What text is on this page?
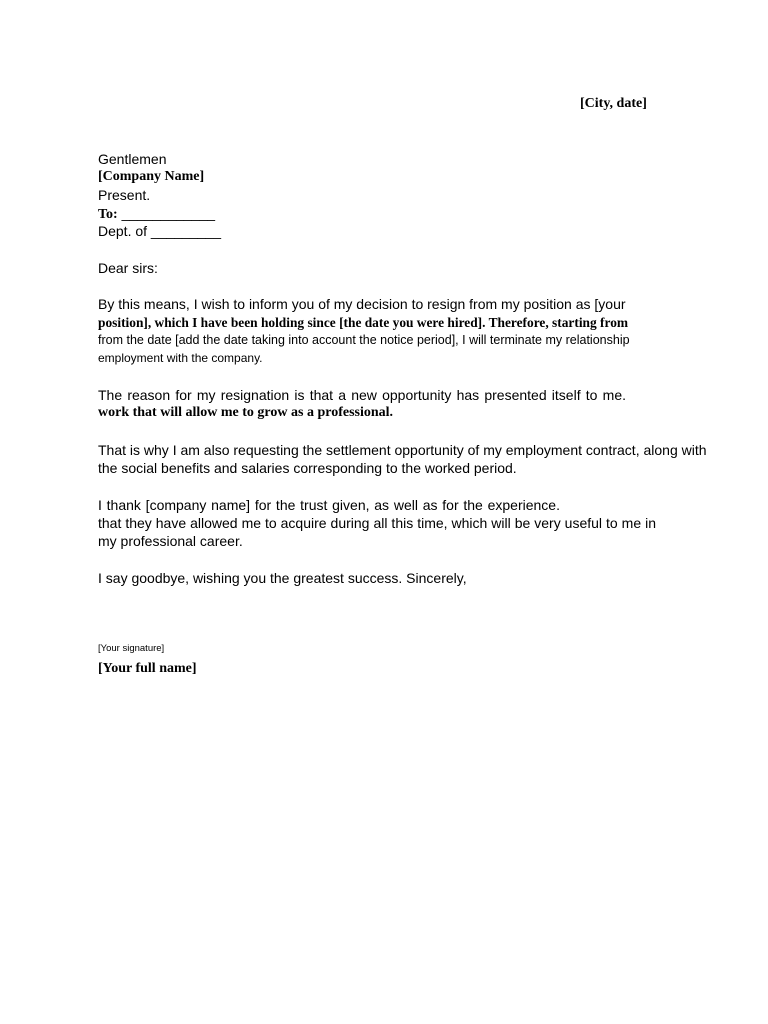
[City, date]
Gentlemen
[Company Name]
Present.
To: ____________
Dept. of _________
Dear sirs:
By this means, I wish to inform you of my decision to resign from my position as [your
position], which I have been holding since [the date you were hired]. Therefore, starting from
from the date [add the date taking into account the notice period], I will terminate my relationship
employment with the company.
The reason for my resignation is that a new opportunity has presented itself to me.
work that will allow me to grow as a professional.
That is why I am also requesting the settlement opportunity of my employment contract, along with
the social benefits and salaries corresponding to the worked period.
I thank [company name] for the trust given, as well as for the experience.
that they have allowed me to acquire during all this time, which will be very useful to me in
my professional career.
I say goodbye, wishing you the greatest success. Sincerely,
[Your signature]
[Your full name]
